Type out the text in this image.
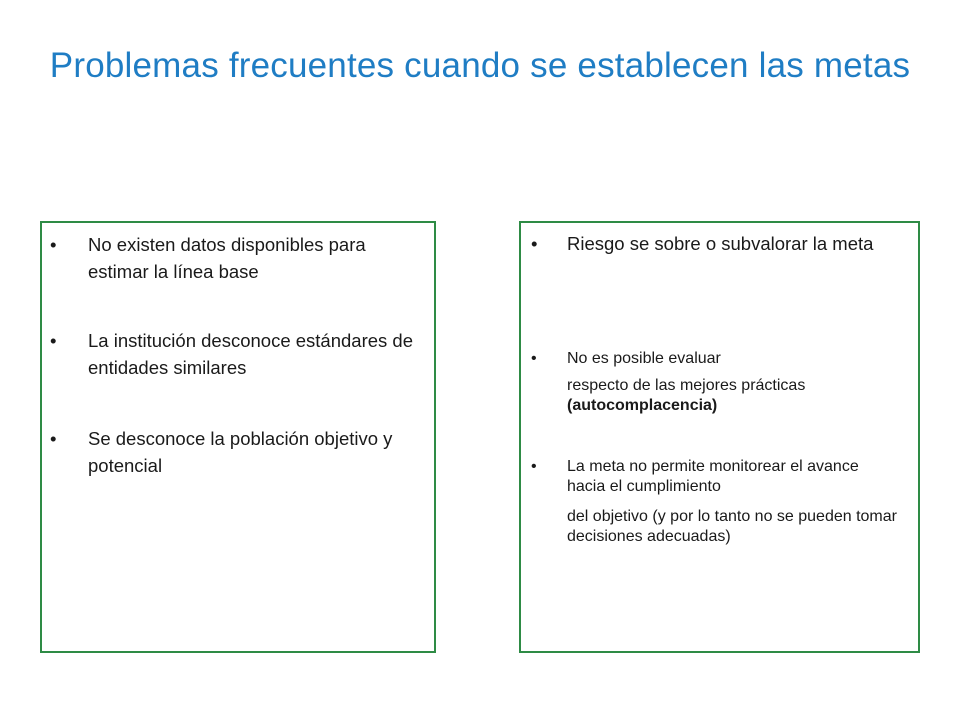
Problemas frecuentes cuando se establecen las metas
• No existen datos disponibles para estimar la línea base
• La institución desconoce estándares de entidades similares
• Se desconoce la población objetivo y potencial
• Riesgo se sobre o subvalorar la meta
• No es posible evaluar
respecto de las mejores prácticas
(autocomplacencia)
• La meta no permite monitorear el avance hacia el cumplimiento
del objetivo (y por lo tanto no se pueden tomar decisiones adecuadas)
